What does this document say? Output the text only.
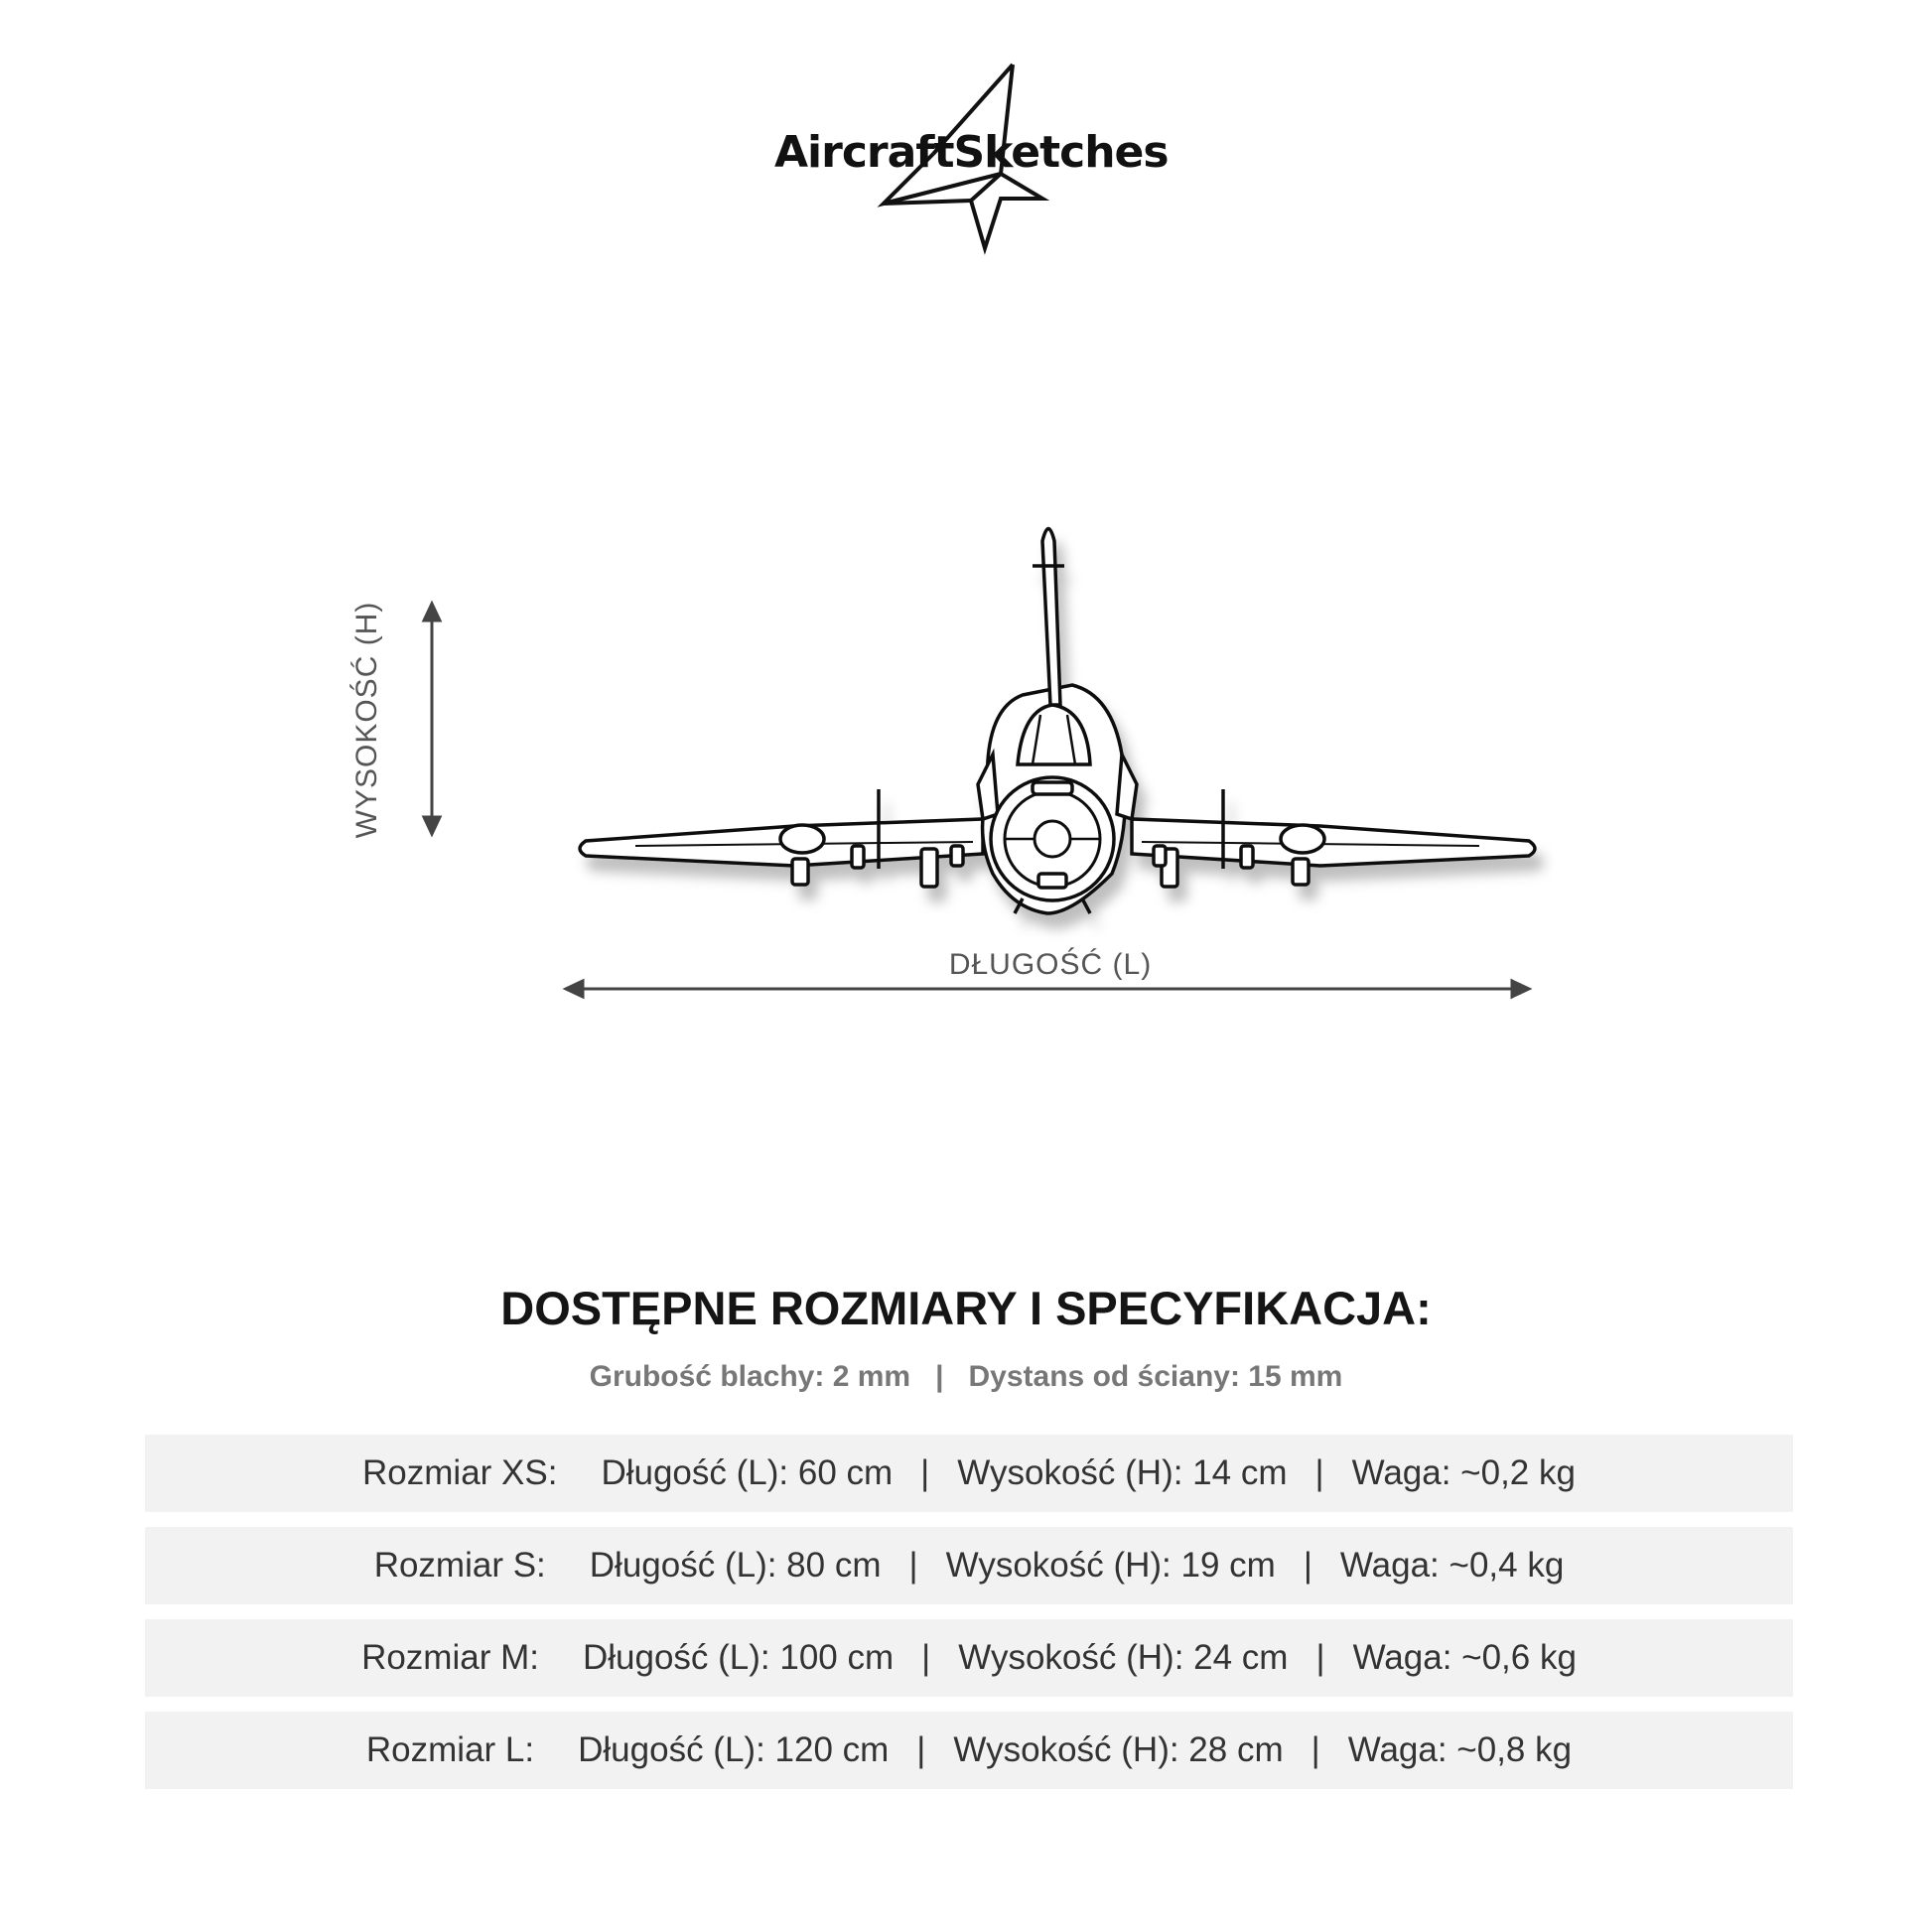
AircraftSketches
WYSOKOŚĆ (H)
DŁUGOŚĆ (L)
DOSTĘPNE ROZMIARY I SPECYFIKACJA:
Grubość blachy: 2 mm | Dystans od ściany: 15 mm
Rozmiar XS: Długość (L): 60 cm | Wysokość (H): 14 cm | Waga: ~0,2 kg
Rozmiar S: Długość (L): 80 cm | Wysokość (H): 19 cm | Waga: ~0,4 kg
Rozmiar M: Długość (L): 100 cm | Wysokość (H): 24 cm | Waga: ~0,6 kg
Rozmiar L: Długość (L): 120 cm | Wysokość (H): 28 cm | Waga: ~0,8 kg
